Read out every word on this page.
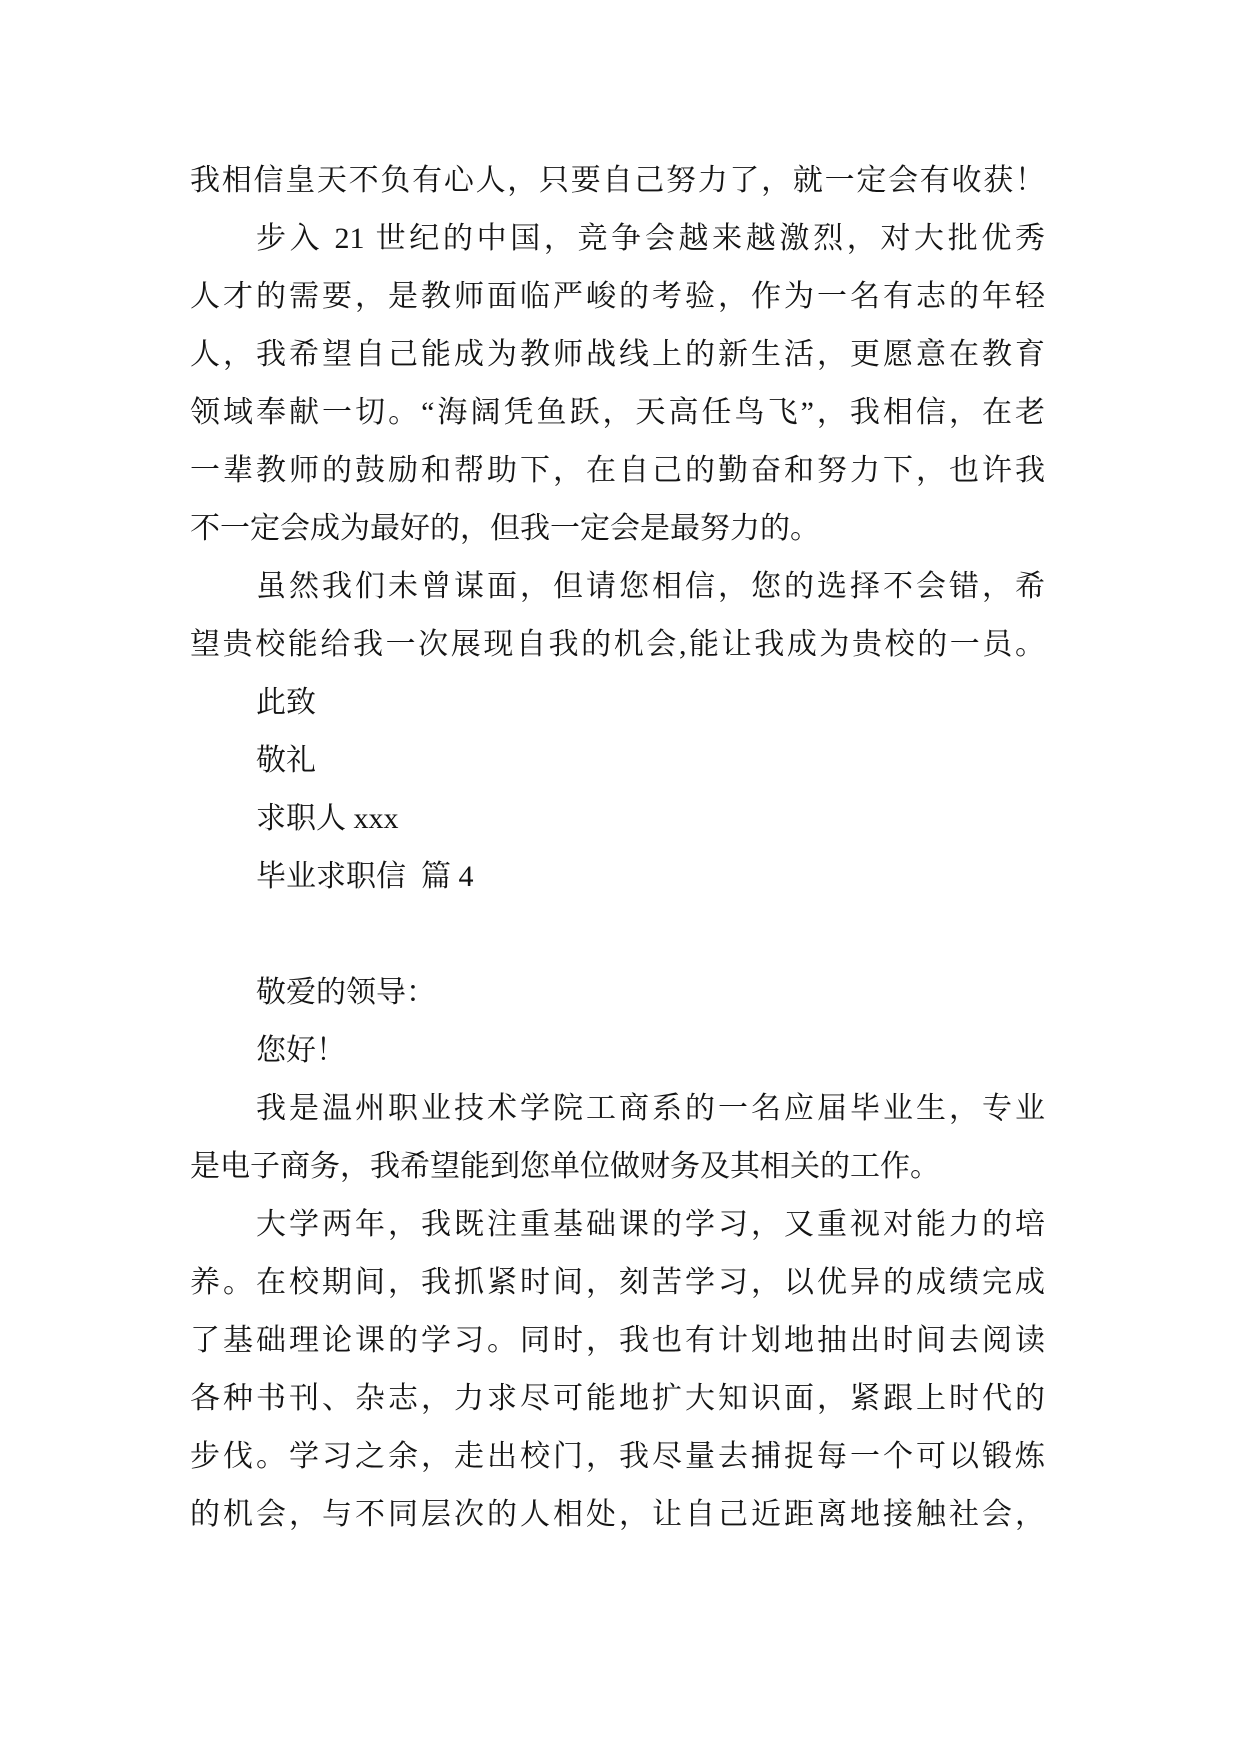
我相信皇天不负有心人，只要自己努力了，就一定会有收获！
步入 21 世纪的中国，竞争会越来越激烈，对大批优秀
人才的需要，是教师面临严峻的考验，作为一名有志的年轻
人，我希望自己能成为教师战线上的新生活，更愿意在教育
领域奉献一切。“海阔凭鱼跃，天高任鸟飞”，我相信，在老
一辈教师的鼓励和帮助下，在自己的勤奋和努力下，也许我
不一定会成为最好的，但我一定会是最努力的。
虽然我们未曾谋面，但请您相信，您的选择不会错，希
望贵校能给我一次展现自我的机会,能让我成为贵校的一员。
此致
敬礼
求职人 xxx
毕业求职信  篇 4
敬爱的领导：
您好！
我是温州职业技术学院工商系的一名应届毕业生，专业
是电子商务，我希望能到您单位做财务及其相关的工作。
大学两年，我既注重基础课的学习，又重视对能力的培
养。在校期间，我抓紧时间，刻苦学习，以优异的成绩完成
了基础理论课的学习。同时，我也有计划地抽出时间去阅读
各种书刊、杂志，力求尽可能地扩大知识面，紧跟上时代的
步伐。学习之余，走出校门，我尽量去捕捉每一个可以锻炼
的机会，与不同层次的人相处，让自己近距离地接触社会，
